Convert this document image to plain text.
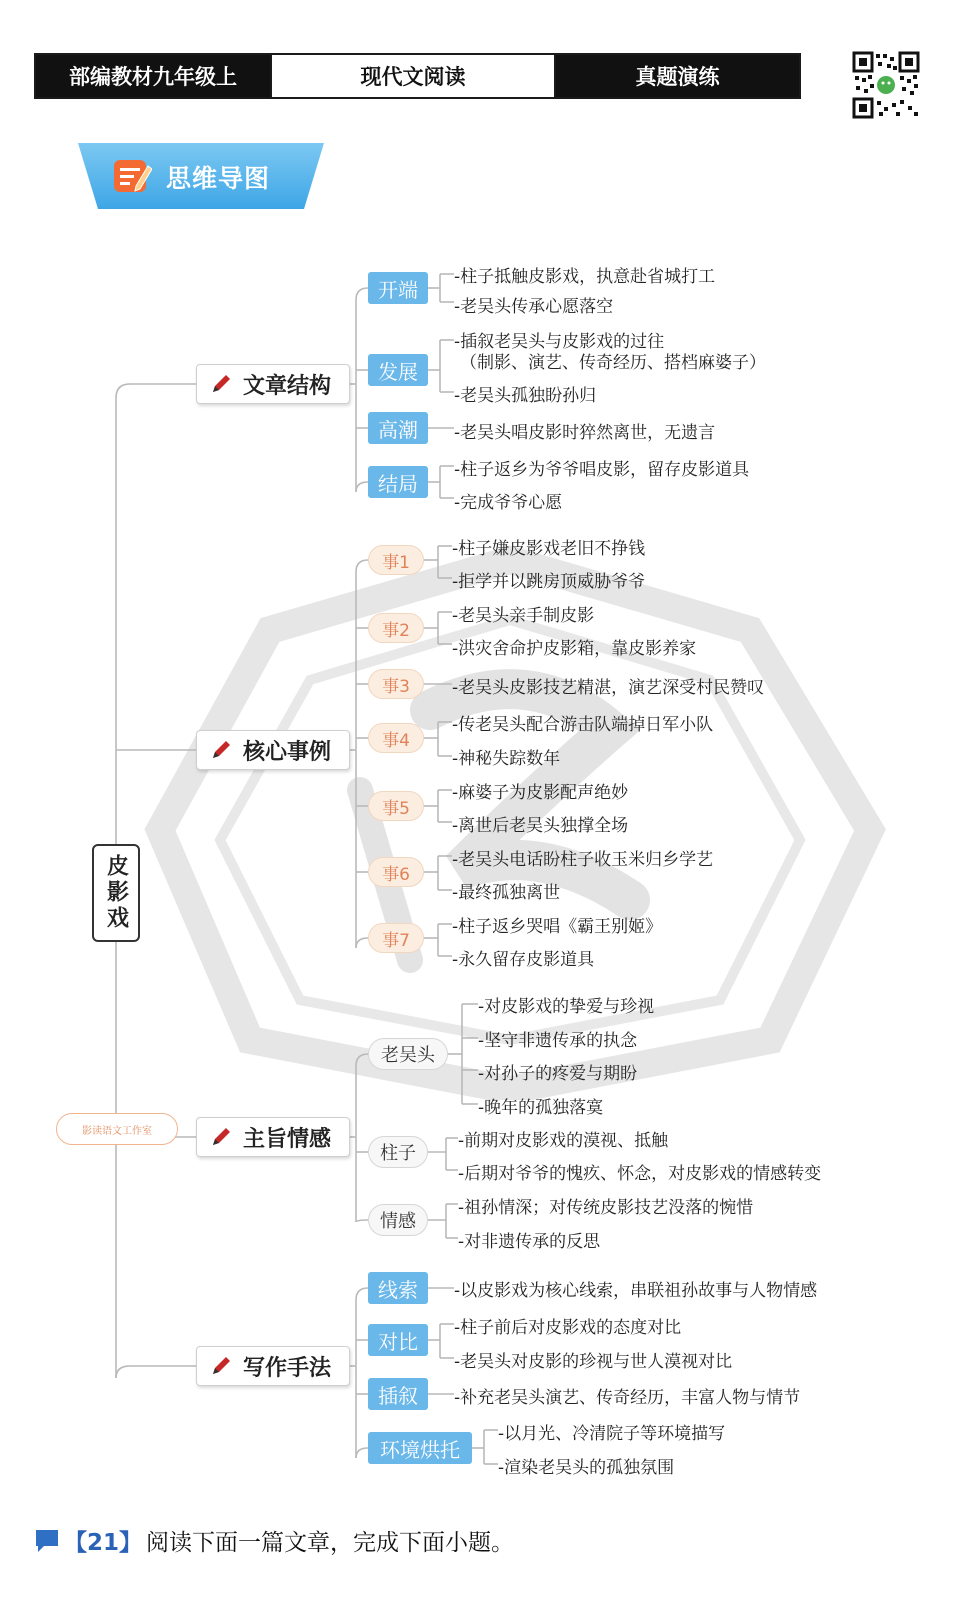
部编教材九年级上	现代文阅读	真题演练
思维导图
皮影戏
影读语文工作室
文章结构
核心事例
主旨情感
写作手法
开端
发展
高潮
结局
-柱子抵触皮影戏，执意赴省城打工
-老吴头传承心愿落空
-插叙老吴头与皮影戏的过往
（制影、演艺、传奇经历、搭档麻婆子）
-老吴头孤独盼孙归
-老吴头唱皮影时猝然离世，无遗言
-柱子返乡为爷爷唱皮影，留存皮影道具
-完成爷爷心愿
事1
事2
事3
事4
事5
事6
事7
-柱子嫌皮影戏老旧不挣钱
-拒学并以跳房顶威胁爷爷
-老吴头亲手制皮影
-洪灾舍命护皮影箱，靠皮影养家
-老吴头皮影技艺精湛，演艺深受村民赞叹
-传老吴头配合游击队端掉日军小队
-神秘失踪数年
-麻婆子为皮影配声绝妙
-离世后老吴头独撑全场
-老吴头电话盼柱子收玉米归乡学艺
-最终孤独离世
-柱子返乡哭唱《霸王别姬》
-永久留存皮影道具
老吴头
柱子
情感
-对皮影戏的挚爱与珍视
-坚守非遗传承的执念
-对孙子的疼爱与期盼
-晚年的孤独落寞
-前期对皮影戏的漠视、抵触
-后期对爷爷的愧疚、怀念，对皮影戏的情感转变
-祖孙情深；对传统皮影技艺没落的惋惜
-对非遗传承的反思
线索
对比
插叙
环境烘托
-以皮影戏为核心线索，串联祖孙故事与人物情感
-柱子前后对皮影戏的态度对比
-老吴头对皮影的珍视与世人漠视对比
-补充老吴头演艺、传奇经历，丰富人物与情节
-以月光、冷清院子等环境描写
-渲染老吴头的孤独氛围
【21】 阅读下面一篇文章，完成下面小题。
